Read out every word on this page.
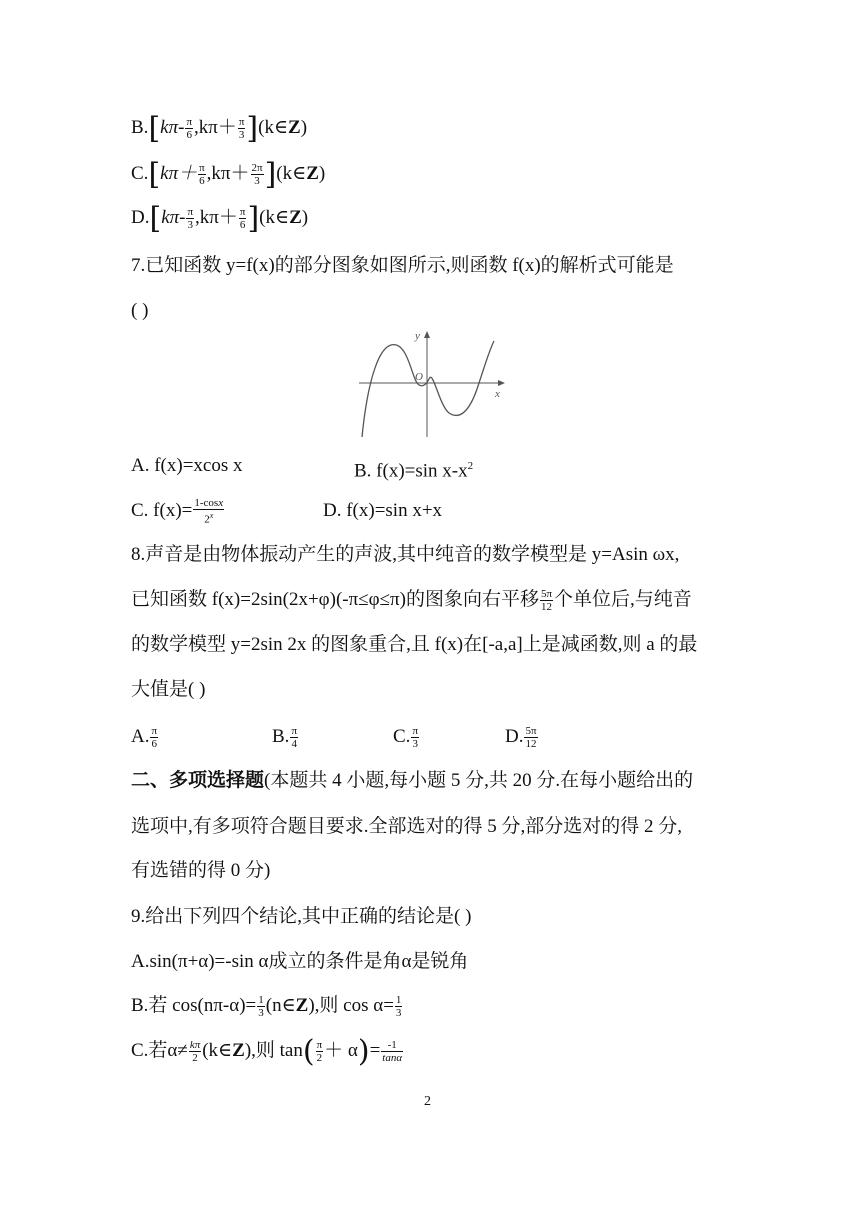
$B.[k\pi- \frac{\pi}{6} ,k\pi+ \frac{\pi}{3}$ ](k∈Z)
$C.[k\pi+ \frac{\pi}{6} ,k\pi+ \frac{2\pi}{3}$ ](k∈Z)
$D.[k\pi- \frac{\pi}{3} ,k\pi+ \frac{\pi}{6}$ ](k∈Z)
7.已知函数 y=f(x)的部分图象如图所示,则函数 f(x)的解析式可能是
( )
y
x
O
A. f(x)=xcos x	B. f(x)=sin $x-x^2$
C. $f(x)= \frac{1-\cos x}{2^x}$	D. f(x)=sin x+x
8.声音是由物体振动产生的声波,其中纯音的数学模型是 y=Asin ωx,
已知函数 f(x)=2sin(2x+φ)(-π≤φ≤π)的图象向右平移 $\frac{5\pi}{12}$ 个单位后,与纯音
的数学模型 y=2sin 2x 的图象重合,且 f(x)在[-a,a]上是减函数,则 a 的最
大值是( )
A. $\frac{\pi}{6}$	B. $\frac{\pi}{4}$	C. $\frac{\pi}{3}$	D. $\frac{5\pi}{12}$
二、多项选择题(本题共 4 小题,每小题 5 分,共 20 分.在每小题给出的
选项中,有多项符合题目要求.全部选对的得 5 分,部分选对的得 2 分,
有选错的得 0 分)
9.给出下列四个结论,其中正确的结论是( )
A.sin(π+α)=-sin α成立的条件是角α是锐角
B.若 $\cos(n\pi-\alpha)= \frac{1}{3}$ (n∈Z),则 $\cos \alpha= \frac{1}{3}$
C.若$\alpha\ne \frac{k\pi}{2}$ (k∈Z),则 $\tan( \frac{\pi}{2} + \alpha)= \frac{-1}{\tan\alpha}$
2
